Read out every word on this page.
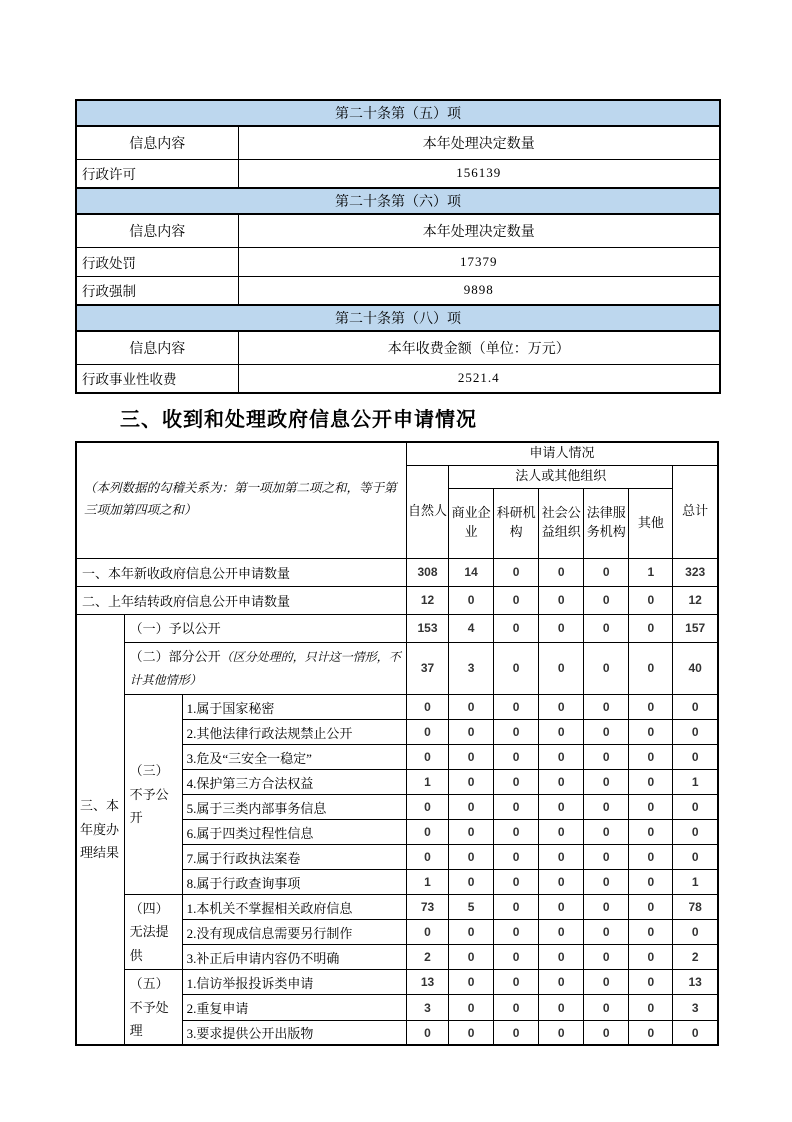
第二十条第（五）项	
信息内容	本年处理决定数量
行政许可	156139
第二十条第（六）项	
信息内容	本年处理决定数量
行政处罚	17379
行政强制	9898
第二十条第（八）项	
信息内容	本年收费金额（单位：万元）
行政事业性收费	2521.4
三、收到和处理政府信息公开申请情况
（本列数据的勾稽关系为：第一项加第二项之和，等于第三项加第四项之和）			申请人情况						
			自然人	法人或其他组织					总计
				商业企业	科研机构	社会公益组织	法律服务机构	其他	
一、本年新收政府信息公开申请数量			308	14	0	0	0	1	323
二、上年结转政府信息公开申请数量			12	0	0	0	0	0	12
三、本年度办理结果	（一）予以公开		153	4	0	0	0	0	157
	（二）部分公开（区分处理的，只计这一情形，不计其他情形）		37	3	0	0	0	0	40
	（三）不予公开	1.属于国家秘密	0	0	0	0	0	0	0
		2.其他法律行政法规禁止公开	0	0	0	0	0	0	0
		3.危及“三安全一稳定”	0	0	0	0	0	0	0
		4.保护第三方合法权益	1	0	0	0	0	0	1
		5.属于三类内部事务信息	0	0	0	0	0	0	0
		6.属于四类过程性信息	0	0	0	0	0	0	0
		7.属于行政执法案卷	0	0	0	0	0	0	0
		8.属于行政查询事项	1	0	0	0	0	0	1
	（四）无法提供	1.本机关不掌握相关政府信息	73	5	0	0	0	0	78
		2.没有现成信息需要另行制作	0	0	0	0	0	0	0
		3.补正后申请内容仍不明确	2	0	0	0	0	0	2
	（五）不予处理	1.信访举报投诉类申请	13	0	0	0	0	0	13
		2.重复申请	3	0	0	0	0	0	3
		3.要求提供公开出版物	0	0	0	0	0	0	0
